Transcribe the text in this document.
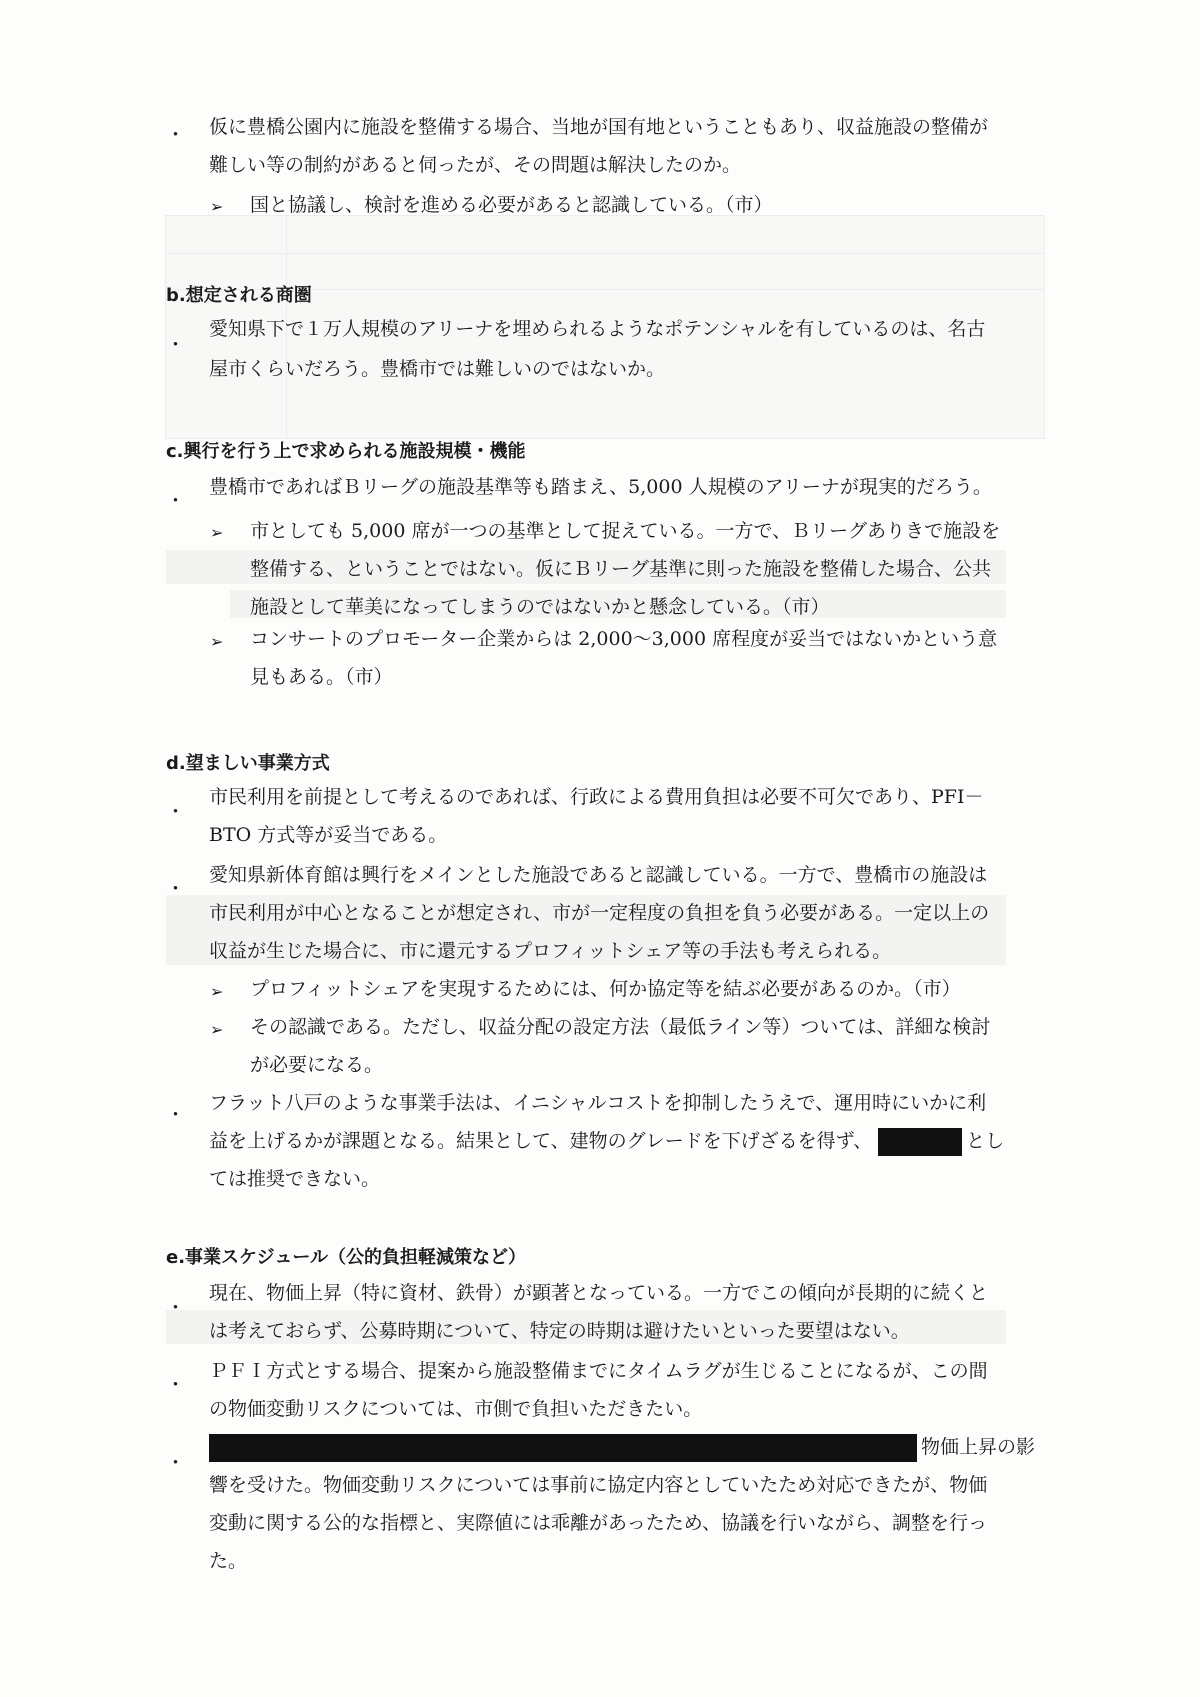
・ 仮に豊橋公園内に施設を整備する場合、当地が国有地ということもあり、収益施設の整備が
難しい等の制約があると伺ったが、その問題は解決したのか。
➢ 国と協議し、検討を進める必要があると認識している。（市）
b.想定される商圏
・
愛知県下で１万人規模のアリーナを埋められるようなポテンシャルを有しているのは、名古
屋市くらいだろう。豊橋市では難しいのではないか。
c.興行を行う上で求められる施設規模・機能
・
豊橋市であればＢリーグの施設基準等も踏まえ、5,000 人規模のアリーナが現実的だろう。
➢ 市としても 5,000 席が一つの基準として捉えている。一方で、Ｂリーグありきで施設を
整備する、ということではない。仮にＢリーグ基準に則った施設を整備した場合、公共
施設として華美になってしまうのではないかと懸念している。（市）
➢ コンサートのプロモーター企業からは 2,000～3,000 席程度が妥当ではないかという意
見もある。（市）
d.望ましい事業方式
・
市民利用を前提として考えるのであれば、行政による費用負担は必要不可欠であり、PFI－
BTO 方式等が妥当である。
・
愛知県新体育館は興行をメインとした施設であると認識している。一方で、豊橋市の施設は
市民利用が中心となることが想定され、市が一定程度の負担を負う必要がある。一定以上の
収益が生じた場合に、市に還元するプロフィットシェア等の手法も考えられる。
➢ プロフィットシェアを実現するためには、何か協定等を結ぶ必要があるのか。（市）
➢ その認識である。ただし、収益分配の設定方法（最低ライン等）ついては、詳細な検討
が必要になる。
・
フラット八戸のような事業手法は、イニシャルコストを抑制したうえで、運用時にいかに利
益を上げるかが課題となる。結果として、建物のグレードを下げざるを得ず、	とし
ては推奨できない。
e.事業スケジュール（公的負担軽減策など）
・
現在、物価上昇（特に資材、鉄骨）が顕著となっている。一方でこの傾向が長期的に続くと
は考えておらず、公募時期について、特定の時期は避けたいといった要望はない。
・
ＰＦＩ方式とする場合、提案から施設整備までにタイムラグが生じることになるが、この間
の物価変動リスクについては、市側で負担いただきたい。
・
物価上昇の影
響を受けた。物価変動リスクについては事前に協定内容としていたため対応できたが、物価
変動に関する公的な指標と、実際値には乖離があったため、協議を行いながら、調整を行っ
た。
